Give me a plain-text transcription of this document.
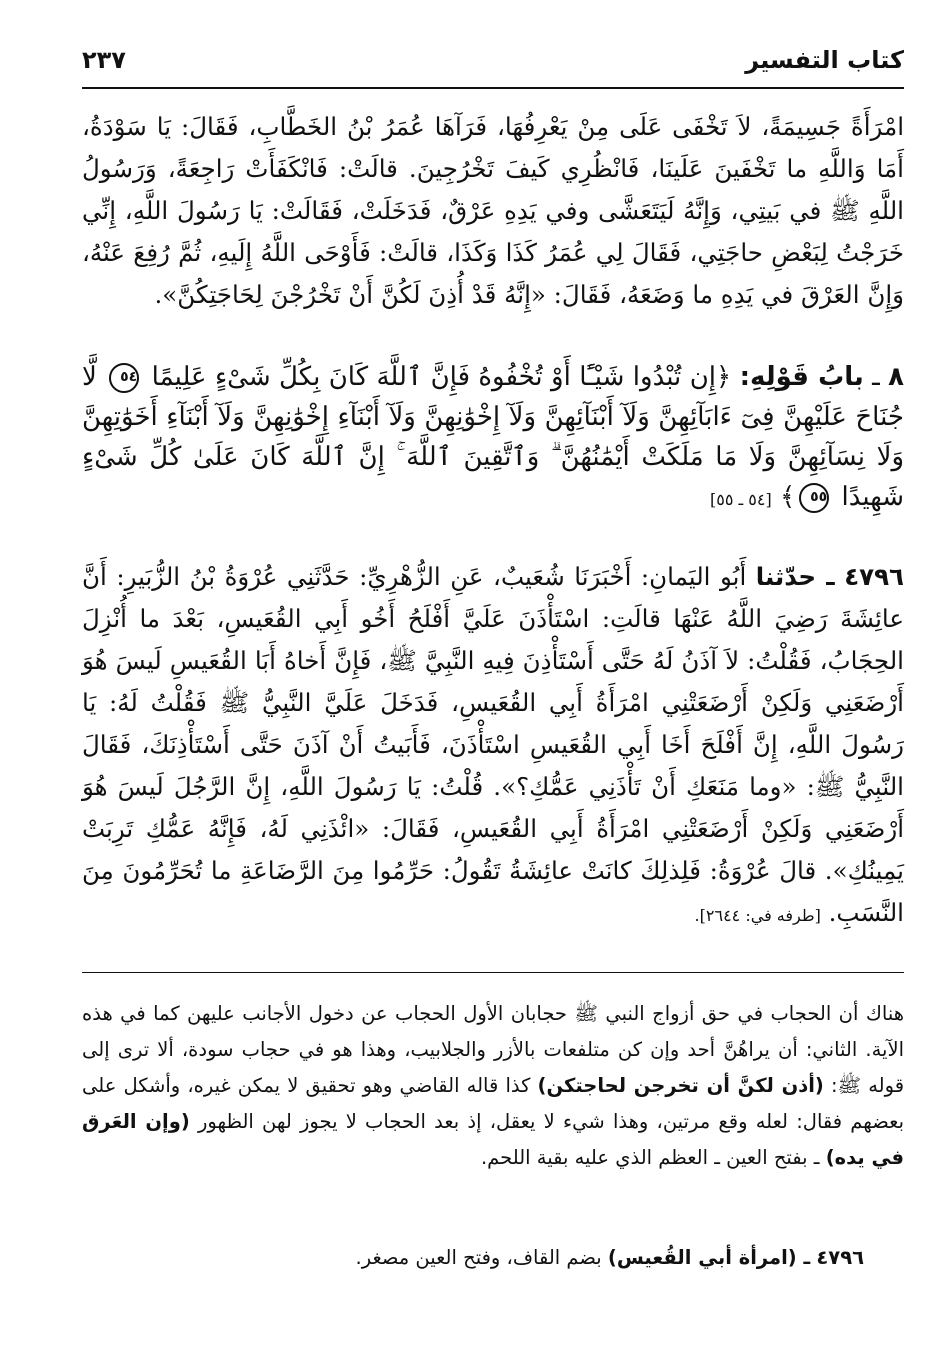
كتاب التفسير
٢٣٧

امْرَأَةً جَسِيمَةً، لاَ تَخْفَى عَلَى مِنْ يَعْرِفُهَا، فَرَآهَا عُمَرُ بْنُ الخَطَّابِ، فَقَالَ: يَا سَوْدَةُ، أَمَا وَاللَّهِ ما تَخْفَينَ عَلَينَا، فَانْظُرِي كَيفَ تَخْرُجِينَ. قالَتْ: فَانْكَفَأَتْ رَاجِعَةً، وَرَسُولُ اللَّهِ ﷺ في بَيتِي، وَإِنَّهُ لَيَتَعَشَّى وفي يَدِهِ عَرْقٌ، فَدَخَلَتْ، فَقَالَتْ: يَا رَسُولَ اللَّهِ، إِنِّي خَرَجْتُ لِبَعْضِ حاجَتِي، فَقَالَ لِي عُمَرُ كَذَا وَكَذَا، قالَتْ: فَأَوْحَى اللَّهُ إِلَيهِ، ثُمَّ رُفِعَ عَنْهُ، وَإِنَّ العَرْقَ في يَدِهِ ما وَضَعَهُ، فَقَالَ: «إِنَّهُ قَدْ أُذِنَ لَكُنَّ أَنْ تَخْرُجْنَ لِحَاجَتِكُنَّ».

٨ ـ بابُ قَوْلِهِ: ﴿إِن تُبْدُوا شَيْـًٔا أَوْ تُخْفُوهُ فَإِنَّ ٱللَّهَ كَانَ بِكُلِّ شَىْءٍ عَلِيمًا ٥٤ لَّا جُنَاحَ عَلَيْهِنَّ فِىٓ ءَابَآئِهِنَّ وَلَآ أَبْنَآئِهِنَّ وَلَآ إِخْوَٰنِهِنَّ وَلَآ أَبْنَآءِ إِخْوَٰنِهِنَّ وَلَآ أَبْنَآءِ أَخَوَٰتِهِنَّ وَلَا نِسَآئِهِنَّ وَلَا مَا مَلَكَتْ أَيْمَٰنُهُنَّ ۗ وَٱتَّقِينَ ٱللَّهَ ۚ إِنَّ ٱللَّهَ كَانَ عَلَىٰ كُلِّ شَىْءٍ شَهِيدًا ٥٥﴾ [٥٤ ـ ٥٥]

٤٧٩٦ ـ حدّثنا أَبُو اليَمانِ: أَخْبَرَنَا شُعَيبٌ، عَنِ الزُّهْرِيِّ: حَدَّثَنِي عُرْوَةُ بْنُ الزُّبَيرِ: أَنَّ عائِشَةَ رَضِيَ اللَّهُ عَنْهَا قالَتِ: اسْتَأْذَنَ عَلَيَّ أَفْلَحُ أَخُو أَبِي القُعَيسِ، بَعْدَ ما أُنْزِلَ الحِجَابُ، فَقُلْتُ: لاَ آذَنُ لَهُ حَتَّى أَسْتَأْذِنَ فِيهِ النَّبِيَّ ﷺ، فَإِنَّ أَخاهُ أَبَا القُعَيسِ لَيسَ هُوَ أَرْضَعَنِي وَلَكِنْ أَرْضَعَتْنِي امْرَأَةُ أَبِي القُعَيسِ، فَدَخَلَ عَلَيَّ النَّبِيُّ ﷺ فَقُلْتُ لَهُ: يَا رَسُولَ اللَّهِ، إِنَّ أَفْلَحَ أَخَا أَبِي القُعَيسِ اسْتَأْذَنَ، فَأَبَيتُ أَنْ آذَنَ حَتَّى أَسْتَأْذِنَكَ، فَقَالَ النَّبِيُّ ﷺ: «وما مَنَعَكِ أَنْ تَأْذَنِي عَمُّكِ؟». قُلْتُ: يَا رَسُولَ اللَّهِ، إِنَّ الرَّجُلَ لَيسَ هُوَ أَرْضَعَنِي وَلَكِنْ أَرْضَعَتْنِي امْرَأَةُ أَبِي القُعَيسِ، فَقَالَ: «ائْذَنِي لَهُ، فَإِنَّهُ عَمُّكِ تَرِبَتْ يَمِينُكِ». قالَ عُرْوَةُ: فَلِذلِكَ كانَتْ عائِشَةُ تَقُولُ: حَرِّمُوا مِنَ الرَّضَاعَةِ ما تُحَرِّمُونَ مِنَ النَّسَبِ. [طرفه في: ٢٦٤٤].

هناك أن الحجاب في حق أزواج النبي ﷺ حجابان الأول الحجاب عن دخول الأجانب عليهن كما في هذه الآية. الثاني: أن يراهُنَّ أحد وإن كن متلفعات بالأزر والجلابيب، وهذا هو في حجاب سودة، ألا ترى إلى قوله ﷺ: (أذن لكنَّ أن تخرجن لحاجتكن) كذا قاله القاضي وهو تحقيق لا يمكن غيره، وأشكل على بعضهم فقال: لعله وقع مرتين، وهذا شيء لا يعقل، إذ بعد الحجاب لا يجوز لهن الظهور (وإن العَرق في يده) ـ بفتح العين ـ العظم الذي عليه بقية اللحم.

٤٧٩٦ ـ (امرأة أبي القُعيس) بضم القاف، وفتح العين مصغر.
